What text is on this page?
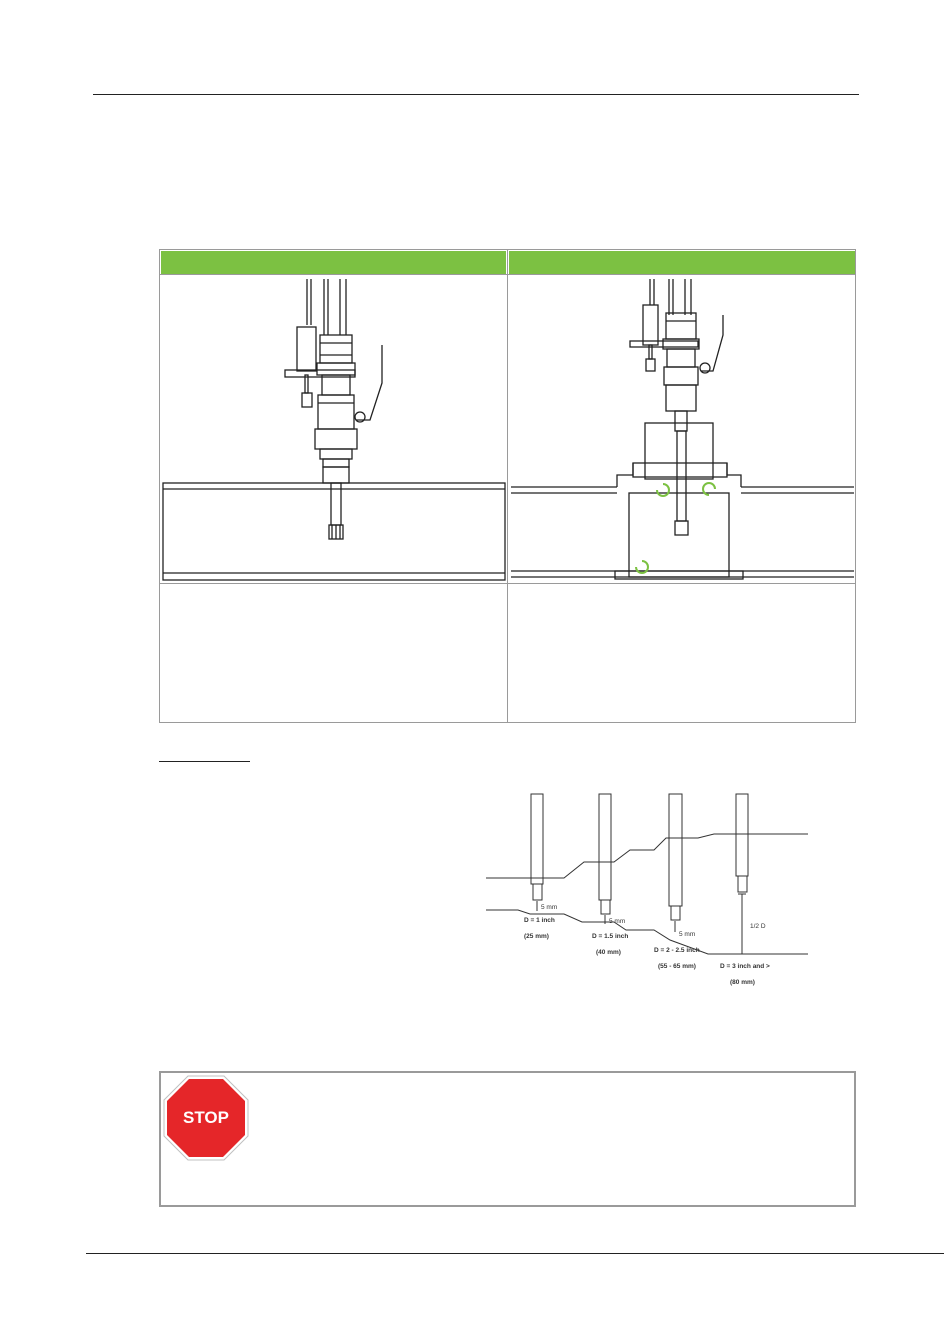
5 mm
D = 1 inch
(25 mm)
5 mm
D = 1.5 inch
(40 mm)
5 mm
D = 2 - 2.5 inch
(55 - 65 mm)
1/2 D
D = 3 inch and >
(80 mm)
STOP
